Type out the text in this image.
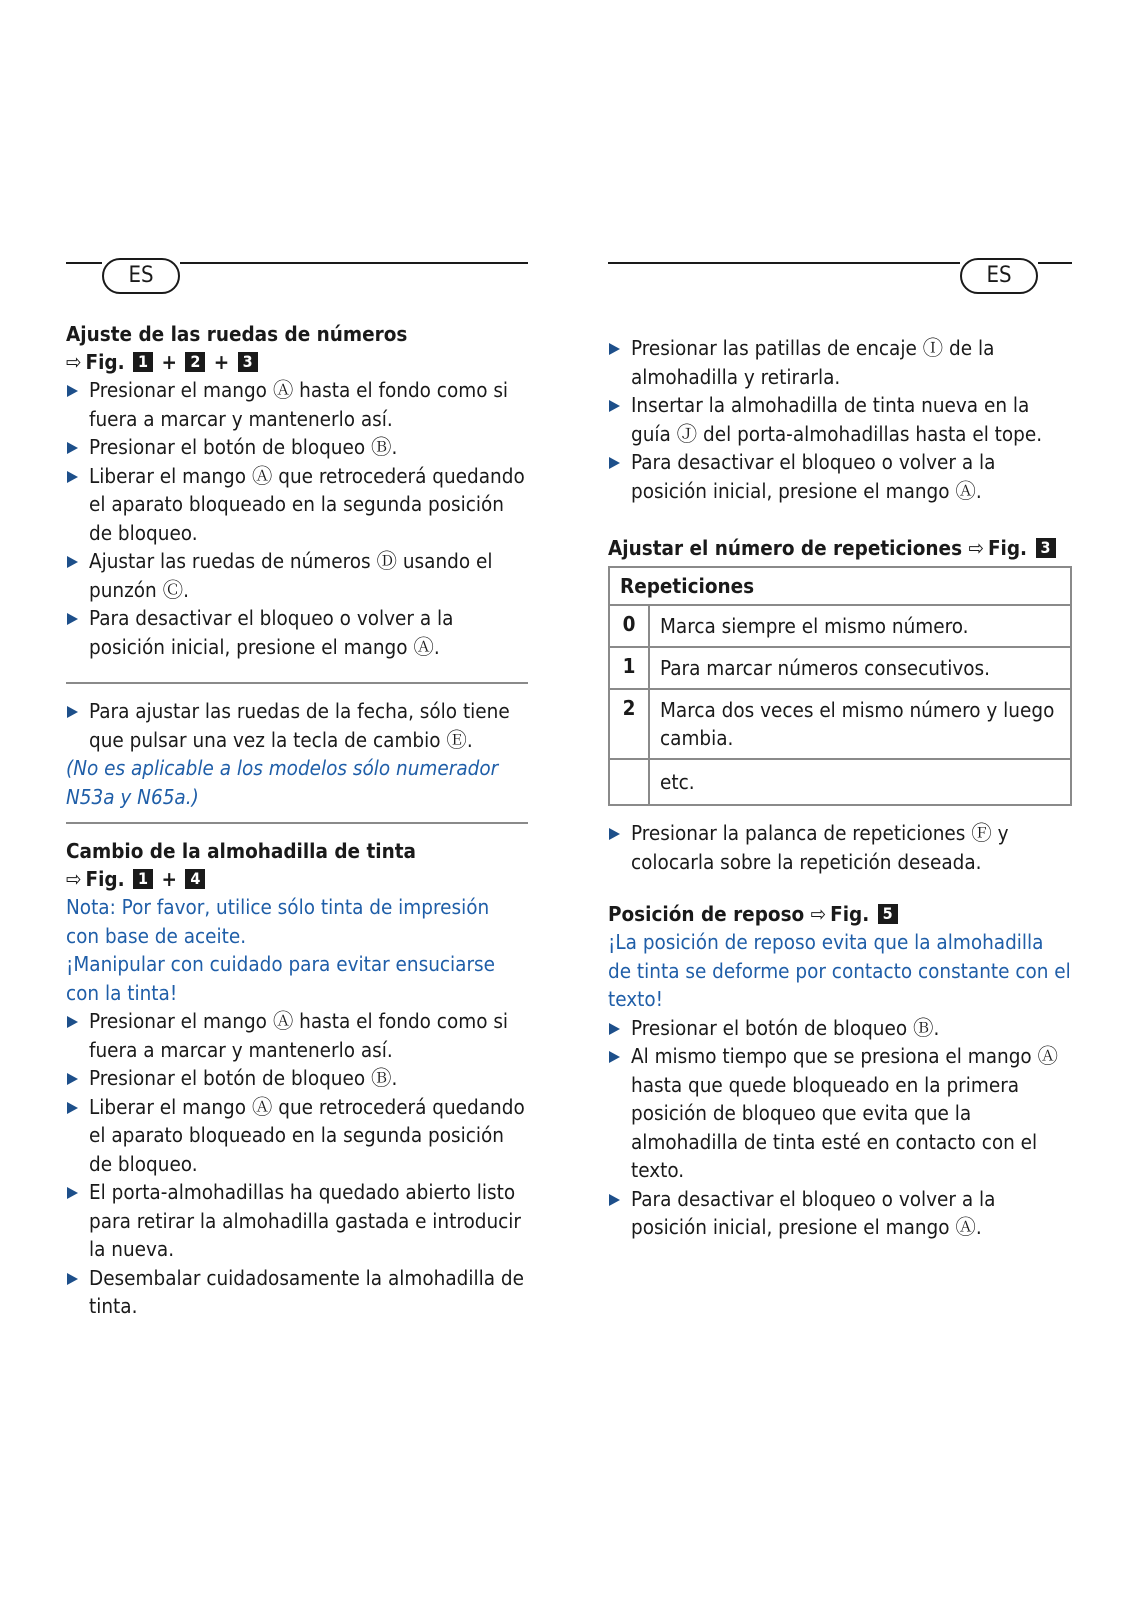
ES

Ajuste de las ruedas de números

⇨ Fig. 1 + 2 + 3

Presionar el mango Ⓐ hasta el fondo como si fuera a marcar y mantenerlo así.
Presionar el botón de bloqueo Ⓑ.
Liberar el mango Ⓐ que retrocederá quedando el aparato bloqueado en la segunda posición de bloqueo.
Ajustar las ruedas de números Ⓓ usando el punzón Ⓒ.
Para desactivar el bloqueo o volver a la posición inicial, presione el mango Ⓐ.
Para ajustar las ruedas de la fecha, sólo tiene que pulsar una vez la tecla de cambio Ⓔ.

(No es aplicable a los modelos sólo numerador N53a y N65a.)

Cambio de la almohadilla de tinta

⇨ Fig. 1 + 4

Nota: Por favor, utilice sólo tinta de impresión con base de aceite.

¡Manipular con cuidado para evitar ensuciarse con la tinta!

Presionar el mango Ⓐ hasta el fondo como si fuera a marcar y mantenerlo así.
Presionar el botón de bloqueo Ⓑ.
Liberar el mango Ⓐ que retrocederá quedando el aparato bloqueado en la segunda posición de bloqueo.
El porta-almohadillas ha quedado abierto listo para retirar la almohadilla gastada e introducir la nueva.
Desembalar cuidadosamente la almohadilla de tinta.
ES
Presionar las patillas de encaje Ⓘ de la almohadilla y retirarla.
Insertar la almohadilla de tinta nueva en la guía Ⓙ del porta-almohadillas hasta el tope.
Para desactivar el bloqueo o volver a la posición inicial, presione el mango Ⓐ.

Ajustar el número de repeticiones ⇨ Fig. 3

Repeticiones	
0	Marca siempre el mismo número.
1	Para marcar números consecutivos.
2	Marca dos veces el mismo número y luego cambia.
	etc.
Presionar la palanca de repeticiones Ⓕ y colocarla sobre la repetición deseada.

Posición de reposo ⇨ Fig. 5

¡La posición de reposo evita que la almohadilla de tinta se deforme por contacto constante con el texto!

Presionar el botón de bloqueo Ⓑ.
Al mismo tiempo que se presiona el mango Ⓐ hasta que quede bloqueado en la primera posición de bloqueo que evita que la almohadilla de tinta esté en contacto con el texto.
Para desactivar el bloqueo o volver a la posición inicial, presione el mango Ⓐ.
